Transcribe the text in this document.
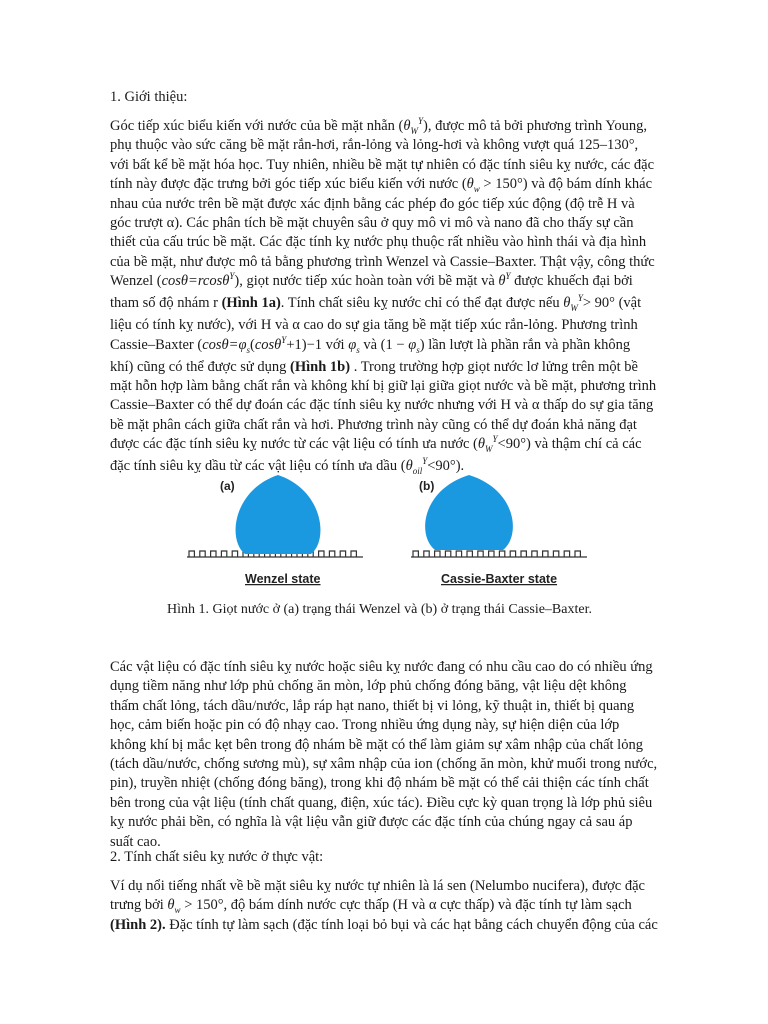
1. Giới thiệu:
Góc tiếp xúc biểu kiến với nước của bề mặt nhẵn $(\theta_W^Y)$, được mô tả bởi phương trình Young,
phụ thuộc vào sức căng bề mặt rắn-hơi, rắn-lỏng và lỏng-hơi và không vượt quá 125–130°,
với bất kể bề mặt hóa học. Tuy nhiên, nhiều bề mặt tự nhiên có đặc tính siêu kỵ nước, các đặc
tính này được đặc trưng bởi góc tiếp xúc biểu kiến với nước $(\theta_w > 150^\circ)$ và độ bám dính khác
nhau của nước trên bề mặt được xác định bằng các phép đo góc tiếp xúc động (độ trễ H và
góc trượt α). Các phân tích bề mặt chuyên sâu ở quy mô vi mô và nano đã cho thấy sự cần
thiết của cấu trúc bề mặt. Các đặc tính kỵ nước phụ thuộc rất nhiều vào hình thái và địa hình
của bề mặt, như được mô tả bằng phương trình Wenzel và Cassie–Baxter. Thật vậy, công thức
Wenzel (cosθ=rcosθ$^Y$), giọt nước tiếp xúc hoàn toàn với bề mặt và $\theta^Y$ được khuếch đại bởi
tham số độ nhám r (Hình 1a). Tính chất siêu kỵ nước chỉ có thể đạt được nếu $\theta_W^Y> 90^\circ$ (vật
liệu có tính kỵ nước), với H và α cao do sự gia tăng bề mặt tiếp xúc rắn-lỏng. Phương trình
Cassie–Baxter ($\cos\theta=\varphi_s(\cos\theta^Y+1)-1$ với $\varphi_s$ và $(1 - \varphi_s)$ lần lượt là phần rắn và phần không
khí) cũng có thể được sử dụng (Hình 1b) . Trong trường hợp giọt nước lơ lửng trên một bề
mặt hỗn hợp làm bằng chất rắn và không khí bị giữ lại giữa giọt nước và bề mặt, phương trình
Cassie–Baxter có thể dự đoán các đặc tính siêu kỵ nước nhưng với H và α thấp do sự gia tăng
bề mặt phân cách giữa chất rắn và hơi. Phương trình này cũng có thể dự đoán khả năng đạt
được các đặc tính siêu kỵ nước từ các vật liệu có tính ưa nước $(\theta_W^Y<90^\circ)$ và thậm chí cả các
đặc tính siêu kỵ dầu từ các vật liệu có tính ưa dầu $(\theta_{oil}^Y<90^\circ)$.
(a)	(b)
Wenzel state	Cassie-Baxter state
Hình 1. Giọt nước ở (a) trạng thái Wenzel và (b) ở trạng thái Cassie–Baxter.
Các vật liệu có đặc tính siêu kỵ nước hoặc siêu kỵ nước đang có nhu cầu cao do có nhiều ứng
dụng tiềm năng như lớp phủ chống ăn mòn, lớp phủ chống đóng băng, vật liệu dệt không
thấm chất lỏng, tách dầu/nước, lắp ráp hạt nano, thiết bị vi lỏng, kỹ thuật in, thiết bị quang
học, cảm biến hoặc pin có độ nhạy cao. Trong nhiều ứng dụng này, sự hiện diện của lớp
không khí bị mắc kẹt bên trong độ nhám bề mặt có thể làm giảm sự xâm nhập của chất lỏng
(tách dầu/nước, chống sương mù), sự xâm nhập của ion (chống ăn mòn, khử muối trong nước,
pin), truyền nhiệt (chống đóng băng), trong khi độ nhám bề mặt có thể cải thiện các tính chất
bên trong của vật liệu (tính chất quang, điện, xúc tác). Điều cực kỳ quan trọng là lớp phủ siêu
kỵ nước phải bền, có nghĩa là vật liệu vẫn giữ được các đặc tính của chúng ngay cả sau áp
suất cao.
2. Tính chất siêu kỵ nước ở thực vật:
Ví dụ nổi tiếng nhất về bề mặt siêu kỵ nước tự nhiên là lá sen (Nelumbo nucifera), được đặc
trưng bởi $\theta_w > 150^\circ$, độ bám dính nước cực thấp (H và α cực thấp) và đặc tính tự làm sạch
(Hình 2). Đặc tính tự làm sạch (đặc tính loại bỏ bụi và các hạt bằng cách chuyển động của các
